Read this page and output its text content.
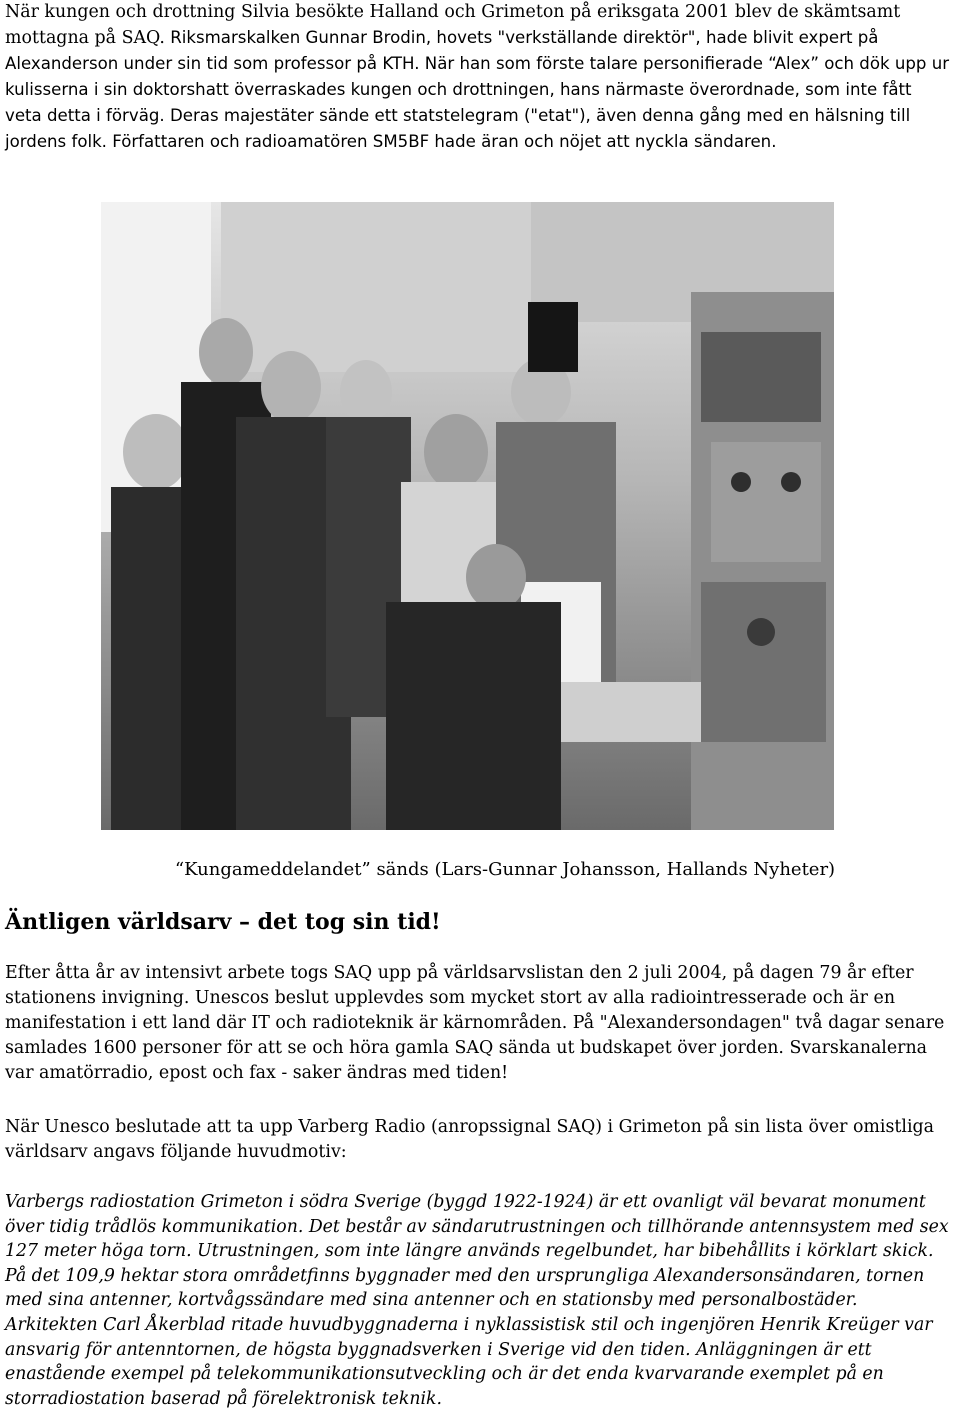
När kungen och drottning Silvia besökte Halland och Grimeton på eriksgata 2001 blev de skämtsamt mottagna på SAQ. Riksmarskalken Gunnar Brodin, hovets "verkställande direktör", hade blivit expert på Alexanderson under sin tid som professor på KTH. När han som förste talare personifierade “Alex” och dök upp ur kulisserna i sin doktorshatt överraskades kungen och drottningen, hans närmaste överordnade, som inte fått veta detta i förväg. Deras majestäter sände ett statstelegram ("etat"), även denna gång med en hälsning till jordens folk. Författaren och radioamatören SM5BF hade äran och nöjet att nyckla sändaren.

“Kungameddelandet” sänds (Lars-Gunnar Johansson, Hallands Nyheter)
Äntligen världsarv – det tog sin tid!

Efter åtta år av intensivt arbete togs SAQ upp på världsarvslistan den 2 juli 2004, på dagen 79 år efter stationens invigning. Unescos beslut upplevdes som mycket stort av alla radiointresserade och är en manifestation i ett land där IT och radioteknik är kärnområden. På "Alexandersondagen" två dagar senare samlades 1600 personer för att se och höra gamla SAQ sända ut budskapet över jorden. Svarskanalerna var amatörradio, epost och fax - saker ändras med tiden!

När Unesco beslutade att ta upp Varberg Radio (anropssignal SAQ) i Grimeton på sin lista över omistliga världsarv angavs följande huvudmotiv:

Varbergs radiostation Grimeton i södra Sverige (byggd 1922-1924) är ett ovanligt väl bevarat monument över tidig trådlös kommunikation. Det består av sändarutrustningen och tillhörande antennsystem med sex 127 meter höga torn. Utrustningen, som inte längre används regelbundet, har bibehållits i körklart skick. På det 109,9 hektar stora områdetfinns byggnader med den ursprungliga Alexandersonsändaren, tornen med sina antenner, kortvågssändare med sina antenner och en stationsby med personalbostäder. Arkitekten Carl Åkerblad ritade huvudbyggnaderna i nyklassistisk stil och ingenjören Henrik Kreüger var ansvarig för antenntornen, de högsta byggnadsverken i Sverige vid den tiden. Anläggningen är ett enastående exempel på telekommunikationsutveckling och är det enda kvarvarande exemplet på en storradiostation baserad på förelektronisk teknik.
